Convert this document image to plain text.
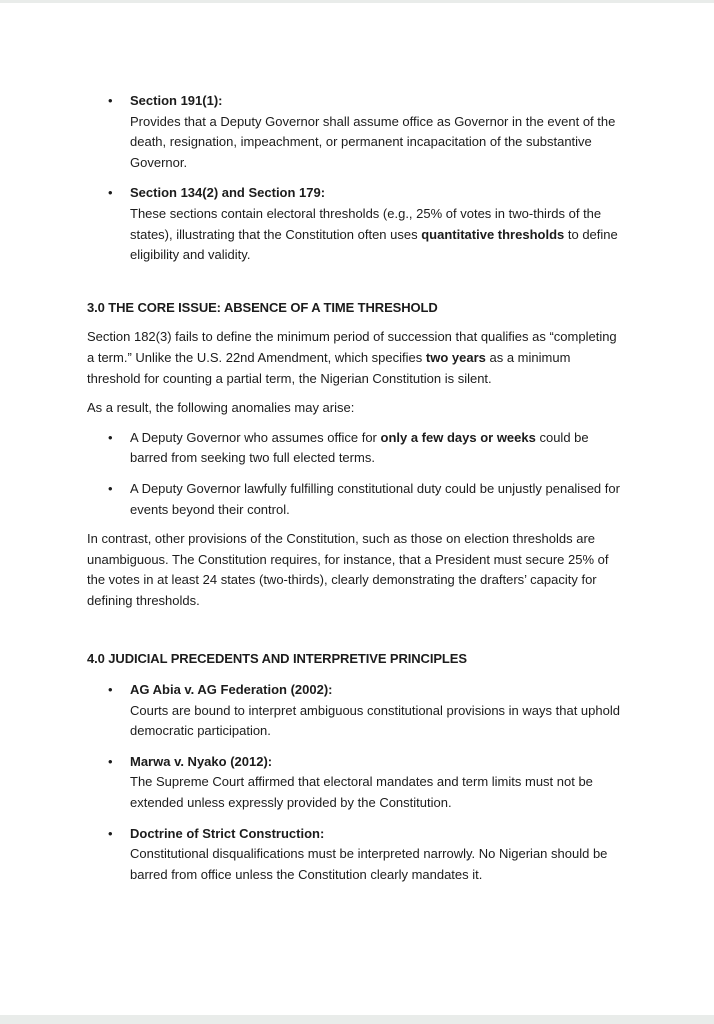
• Section 191(1):
Provides that a Deputy Governor shall assume office as Governor in the event of the death, resignation, impeachment, or permanent incapacitation of the substantive Governor.
• Section 134(2) and Section 179:
These sections contain electoral thresholds (e.g., 25% of votes in two-thirds of the states), illustrating that the Constitution often uses quantitative thresholds to define eligibility and validity.
3.0 THE CORE ISSUE: ABSENCE OF A TIME THRESHOLD

Section 182(3) fails to define the minimum period of succession that qualifies as “completing a term.” Unlike the U.S. 22nd Amendment, which specifies two years as a minimum threshold for counting a partial term, the Nigerian Constitution is silent.

As a result, the following anomalies may arise:

• A Deputy Governor who assumes office for only a few days or weeks could be barred from seeking two full elected terms.
• A Deputy Governor lawfully fulfilling constitutional duty could be unjustly penalised for events beyond their control.

In contrast, other provisions of the Constitution, such as those on election thresholds are unambiguous. The Constitution requires, for instance, that a President must secure 25% of the votes in at least 24 states (two-thirds), clearly demonstrating the drafters’ capacity for defining thresholds.

4.0 JUDICIAL PRECEDENTS AND INTERPRETIVE PRINCIPLES
• AG Abia v. AG Federation (2002):
Courts are bound to interpret ambiguous constitutional provisions in ways that uphold democratic participation.
• Marwa v. Nyako (2012):
The Supreme Court affirmed that electoral mandates and term limits must not be extended unless expressly provided by the Constitution.
• Doctrine of Strict Construction:
Constitutional disqualifications must be interpreted narrowly. No Nigerian should be barred from office unless the Constitution clearly mandates it.
